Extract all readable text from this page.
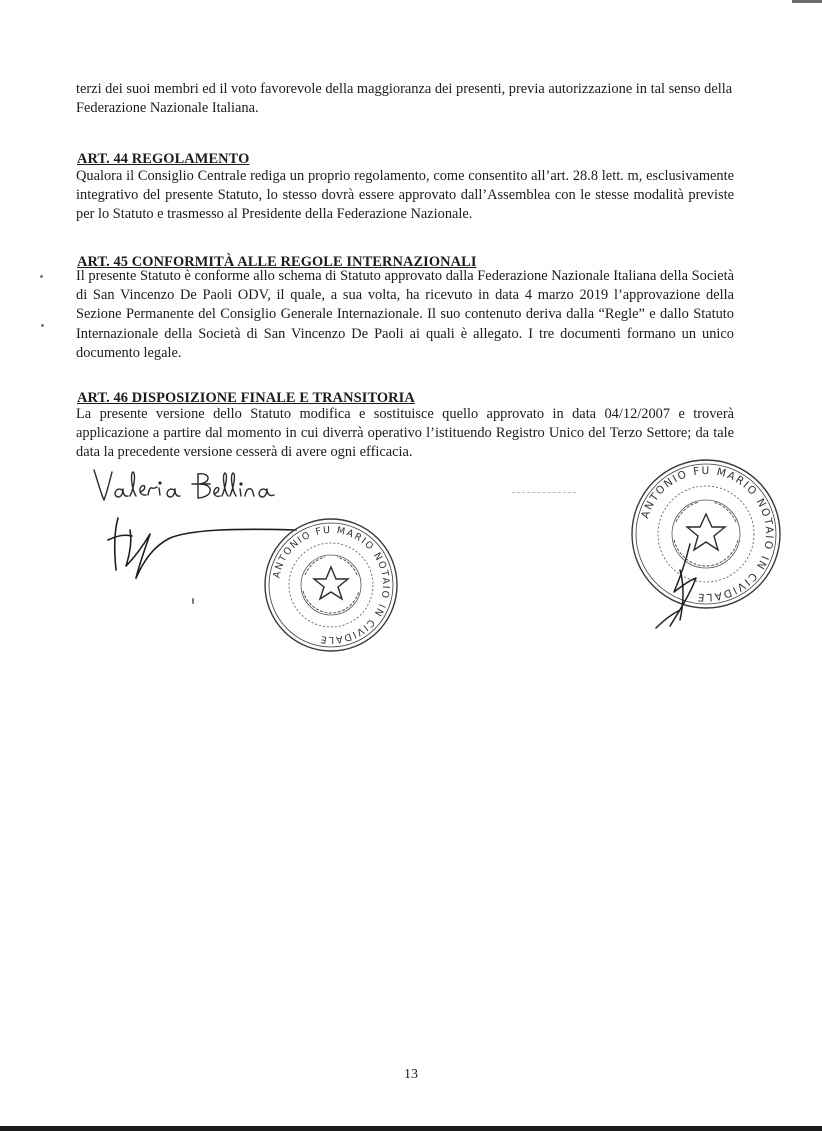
terzi dei suoi membri ed il voto favorevole della maggioranza dei presenti, previa autorizzazione in tal senso della Federazione Nazionale Italiana.

ART. 44 REGOLAMENTO

Qualora il Consiglio Centrale rediga un proprio regolamento, come consentito all’art. 28.8 lett. m, esclusivamente integrativo del presente Statuto, lo stesso dovrà essere approvato dall’Assemblea con le stesse modalità previste per lo Statuto e trasmesso al Presidente della Federazione Nazionale.

ART. 45 CONFORMITÀ ALLE REGOLE INTERNAZIONALI

Il presente Statuto è conforme allo schema di Statuto approvato dalla Federazione Nazionale Italiana della Società di San Vincenzo De Paoli ODV, il quale, a sua volta, ha ricevuto in data 4 marzo 2019 l’approvazione della Sezione Permanente del Consiglio Generale Internazionale. Il suo contenuto deriva dalla “Regle” e dallo Statuto Internazionale della Società di San Vincenzo De Paoli ai quali è allegato. I tre documenti formano un unico documento legale.

ART. 46 DISPOSIZIONE FINALE E TRANSITORIA

La presente versione dello Statuto modifica e sostituisce quello approvato in data 04/12/2007 e troverà applicazione a partire dal momento in cui diverrà operativo l’istituendo Registro Unico del Terzo Settore; da tale data la precedente versione cesserà di avere ogni efficacia.

ANTONIO FU MARIO NOTAIO IN CIVIDALE
ANTONIO FU MARIO NOTAIO IN CIVIDALE
13
